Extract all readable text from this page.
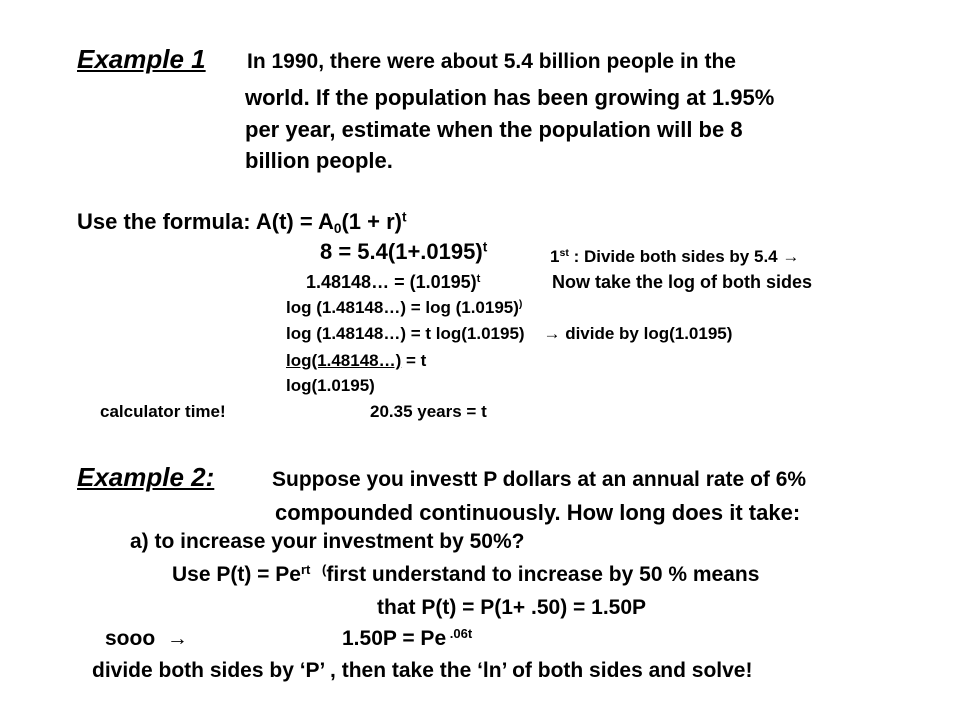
Example 1 In 1990, there were about 5.4 billion people in the
world. If the population has been growing at 1.95%
per year, estimate when the population will be 8
billion people.
Use the formula: $A(t) = A_0(1 + r)^t$
$8 = 5.4(1+.0195)^t$	1st : Divide both sides by 5.4 →
1.48148… = $(1.0195)^t$	Now take the log of both sides
log (1.48148…) = log (1.0195))
log (1.48148…) = t log(1.0195) → divide by log(1.0195)
log(1.48148…) = t
log(1.0195)
calculator time!	20.35 years = t
Example 2:	Suppose you investt P dollars at an annual rate of 6%
compounded continuously. How long does it take:
a) to increase your investment by 50%?
Use $P(t) = Pe^{rt}$ (first understand to increase by 50 % means
that P(t) = P(1+ .50) = 1.50P
sooo →	1.50P = Pe $^{.06t}$
divide both sides by ‘P’ , then take the ‘ln’ of both sides and solve!
